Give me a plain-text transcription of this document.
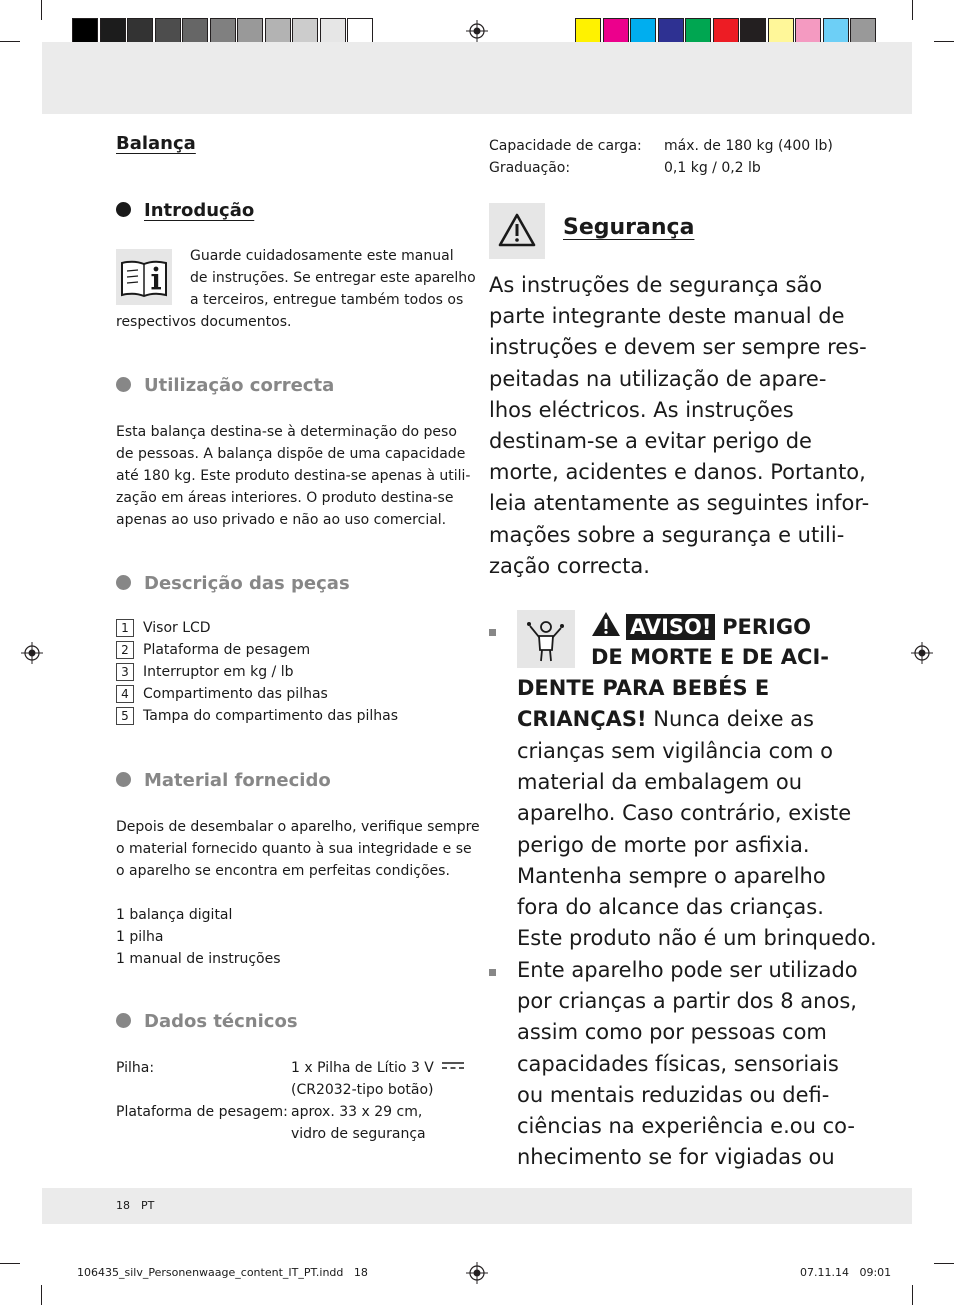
Balança
Introdução
Guarde cuidadosamente este manual
de instruções. Se entregar este aparelho
a terceiros, entregue também todos os
respectivos documentos.
Utilização correcta
Esta balança destina-se à determinação do peso
de pessoas. A balança dispõe de uma capacidade
até 180 kg. Este produto destina-se apenas à utili-
zação em áreas interiores. O produto destina-se
apenas ao uso privado e não ao uso comercial.
Descrição das peças
1	Visor LCD
2	Plataforma de pesagem
3	Interruptor em kg / lb
4	Compartimento das pilhas
5	Tampa do compartimento das pilhas
Material fornecido
Depois de desembalar o aparelho, verifique sempre
o material fornecido quanto à sua integridade e se
o aparelho se encontra em perfeitas condições.
1 balança digital
1 pilha
1 manual de instruções
Dados técnicos
Pilha:	1 x Pilha de Lítio 3 V
(CR2032-tipo botão)
Plataforma de pesagem: aprox. 33 x 29 cm,
vidro de segurança
Capacidade de carga: máx. de 180 kg (400 lb)
Graduação:	0,1 kg / 0,2 lb
Segurança
As instruções de segurança são
parte integrante deste manual de
instruções e devem ser sempre res-
peitadas na utilização de apare-
lhos eléctricos. As instruções
destinam-se a evitar perigo de
morte, acidentes e danos. Portanto,
leia atentamente as seguintes infor-
mações sobre a segurança e utili-
zação correcta.
AVISO! PERIGO
DE MORTE E DE ACI-
DENTE PARA BEBÉS E
CRIANÇAS! Nunca deixe as
crianças sem vigilância com o
material da embalagem ou
aparelho. Caso contrário, existe
perigo de morte por asfixia.
Mantenha sempre o aparelho
fora do alcance das crianças.
Este produto não é um brinquedo.
Ente aparelho pode ser utilizado
por crianças a partir dos 8 anos,
assim como por pessoas com
capacidades físicas, sensoriais
ou mentais reduzidas ou defi-
ciências na experiência e.ou co-
nhecimento se for vigiadas ou
18 PT
106435_silv_Personenwaage_content_IT_PT.indd   18	07.11.14   09:01
